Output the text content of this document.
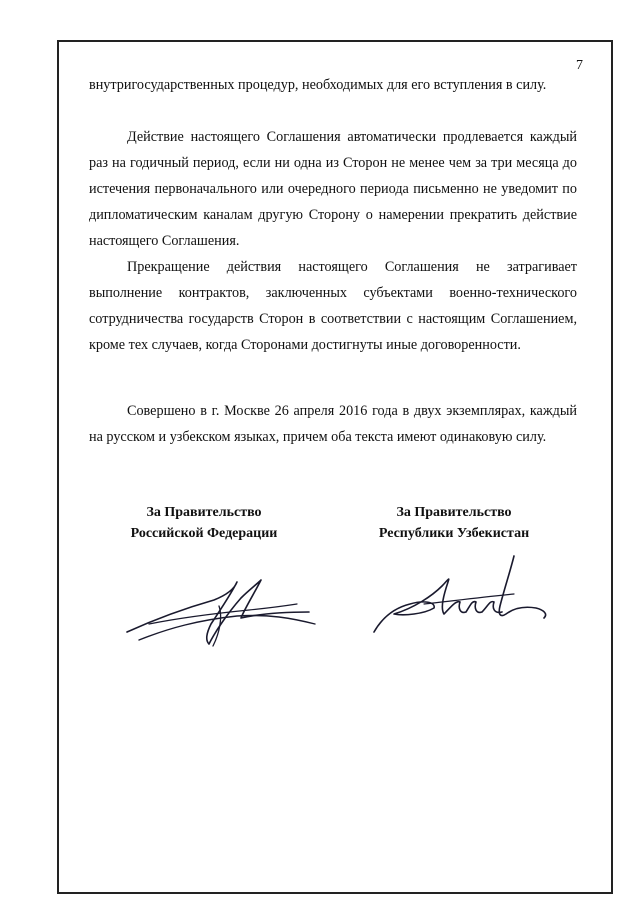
7

внутригосударственных процедур, необходимых для его вступления в силу.

Действие настоящего Соглашения автоматически продлевается каждый раз на годичный период, если ни одна из Сторон не менее чем за три месяца до истечения первоначального или очередного периода письменно не уведомит по дипломатическим каналам другую Сторону о намерении прекратить действие настоящего Соглашения.

Прекращение действия настоящего Соглашения не затрагивает выполнение контрактов, заключенных субъектами военно-технического сотрудничества государств Сторон в соответствии с настоящим Соглашением, кроме тех случаев, когда Сторонами достигнуты иные договоренности.

Совершено в г. Москве 26 апреля 2016 года в двух экземплярах, каждый на русском и узбекском языках, причем оба текста имеют одинаковую силу.

За Правительство
Российской Федерации
За Правительство
Республики Узбекистан
